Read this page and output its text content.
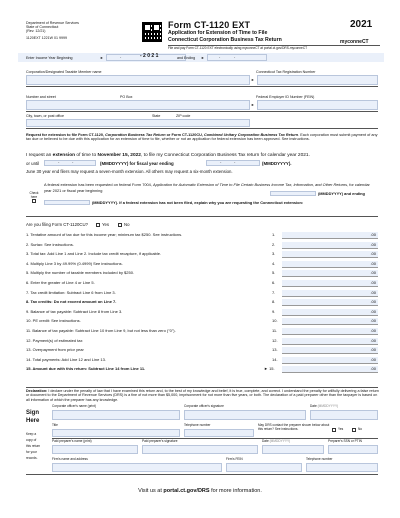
Department of Revenue Services
State of Connecticut
(Rev. 12/21)
1120EXT 1221W 01 9999
Form CT-1120 EXT	2021
Application for Extension of Time to File
Connecticut Corporation Business Tax Return	myconneCT
File and pay Form CT-1120 EXT electronically using myconneCT at portal.ct.gov/DRS-myconneCT
Enter Income Year Beginning	►	-	- 2 0 2 1	and Ending ►	-	-
Corporation/Designated Taxable Member name	Connecticut Tax Registration Number
►
Number and street	PO Box	Federal Employer ID Number (FEIN)
►
City, town, or post office	State	ZIP code
Request for extension to file Form CT-1120, Corporation Business Tax Return or Form CT-1120CU, Combined Unitary Corporation Business Tax Return. Each corporation must submit payment of any tax due or believed to be due with this application for an extension of time to file, whether or not an application for federal extension has been approved. See instructions.
I request an extension of time to November 15, 2022, to file my Connecticut Corporation Business Tax return for calendar year 2021.
or until	-	-	(MMDDYYYY) for fiscal year ending	-	-	(MMDDYYYY).
June 30 year end filers may request a seven-month extension. All others may request a six-month extension.
Check here
A federal extension has been requested on federal Form 7004, Application for Automatic Extension of Time to File Certain Business Income Tax, Information, and Other Returns, for calendar year 2021 or fiscal year beginning
(MMDDYYYY) and ending
(MMDDYYYY). If a federal extension has not been filed, explain why you are requesting the Connecticut extension:
Are you filing Form CT-1120CU?	Yes	No
1. Tentative amount of tax due for this income year; minimum tax $250. See instructions.	1.	.00
2. Surtax: See instructions.	2.	.00
3. Total tax: Add Line 1 and Line 2. Include tax credit recapture, if applicable.	3.	.00
4. Multiply Line 3 by 49.99% (0.4999) See instructions.	4.	.00
5. Multiply the number of taxable members included by $250.	5.	.00
6. Enter the greater of Line 4 or Line 5.	6.	.00
7. Tax credit limitation: Subtract Line 6 from Line 3.	7.	.00
8. Tax credits: Do not exceed amount on Line 7.	8.	.00
9. Balance of tax payable: Subtract Line 8 from Line 3.	9.	.00
10. PE credit: See instructions.	10.	.00
11. Balance of tax payable: Subtract Line 10 from Line 9, but not less than zero ("0").	11.	.00
12. Payment(s) of estimated tax	12.	.00
13. Overpayment from prior year	13.	.00
14. Total payments: Add Line 12 and Line 13.	14.	.00
15. Amount due with this return: Subtract Line 14 from Line 11.	► 15.	.00
Declaration: I declare under the penalty of law that I have examined this return and, to the best of my knowledge and belief, it is true, complete, and correct. I understand the penalty for willfully delivering a false return or document to the Department of Revenue Services (DRS) is a fine of not more than $5,000, imprisonment for not more than five years, or both. The declaration of a paid preparer other than the taxpayer is based on all information of which the preparer has any knowledge.
Corporate officer's name (print)	Corporate officer's signature	Date (MMDDYYYY)
Sign
Here
Title	Telephone number	May DRS contact the preparer shown below about this return? See instructions.	Yes	No
Keep a
copy of
this return
for your
records.
Paid preparer's name (print)	Paid preparer's signature	Date (MMDDYYYY)	Preparer's SSN or PTIN
Firm's name and address	Firm's FEIN	Telephone number
Visit us at portal.ct.gov/DRS for more information.
